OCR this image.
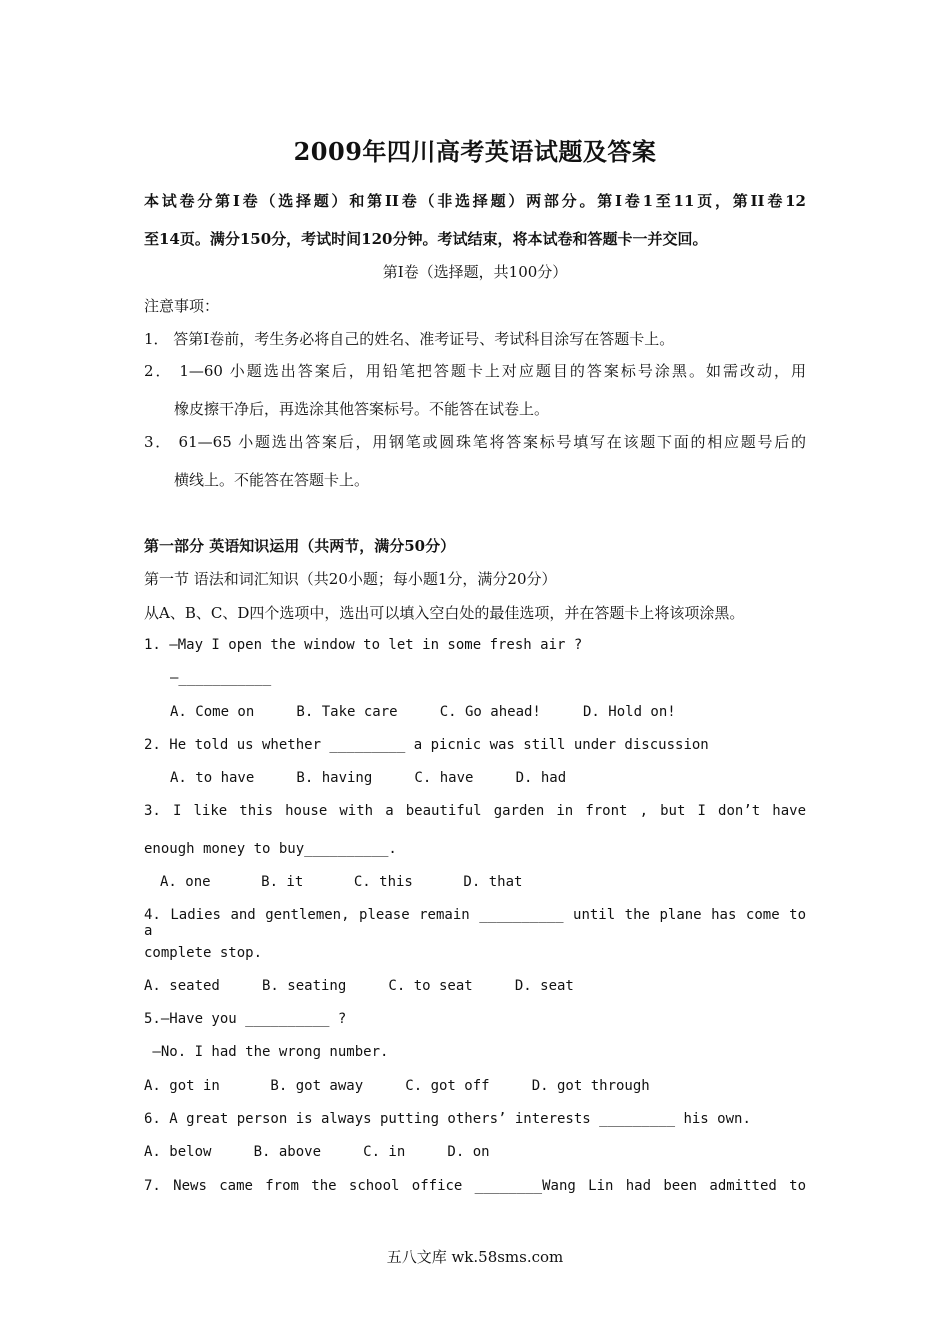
2009年四川高考英语试题及答案
本试卷分第Ⅰ卷（选择题）和第II卷（非选择题）两部分。第Ⅰ卷1至11页，第II卷12
至14页。满分150分，考试时间120分钟。考试结束，将本试卷和答题卡一并交回。
第Ⅰ卷（选择题，共100分）
注意事项：
1． 答第Ⅰ卷前，考生务必将自己的姓名、准考证号、考试科目涂写在答题卡上。
2． 1—60 小题选出答案后，用铅笔把答题卡上对应题目的答案标号涂黑。如需改动，用
橡皮擦干净后，再选涂其他答案标号。不能答在试卷上。
3． 61—65 小题选出答案后，用钢笔或圆珠笔将答案标号填写在该题下面的相应题号后的
横线上。不能答在答题卡上。
第一部分 英语知识运用（共两节，满分50分）
第一节 语法和词汇知识（共20小题；每小题1分，满分20分）
从A、B、C、D四个选项中，选出可以填入空白处的最佳选项，并在答题卡上将该项涂黑。
1. —May I open the window to let in some fresh air ?
—___________
A. Come on     B. Take care     C. Go ahead!     D. Hold on!
2. He told us whether _________ a picnic was still under discussion
A. to have     B. having     C. have     D. had
3. I like this house with a beautiful garden in front , but I don’t have
enough money to buy__________.
A. one      B. it      C. this      D. that
4. Ladies and gentlemen, please remain __________ until the plane has come to a
complete stop.
A. seated     B. seating     C. to seat     D. seat
5.—Have you __________ ?
—No. I had the wrong number.
A. got in      B. got away     C. got off     D. got through
6. A great person is always putting others’ interests _________ his own.
A. below     B. above     C. in     D. on
7. News came from the school office ________Wang Lin had been admitted to
五八文库 wk.58sms.com
